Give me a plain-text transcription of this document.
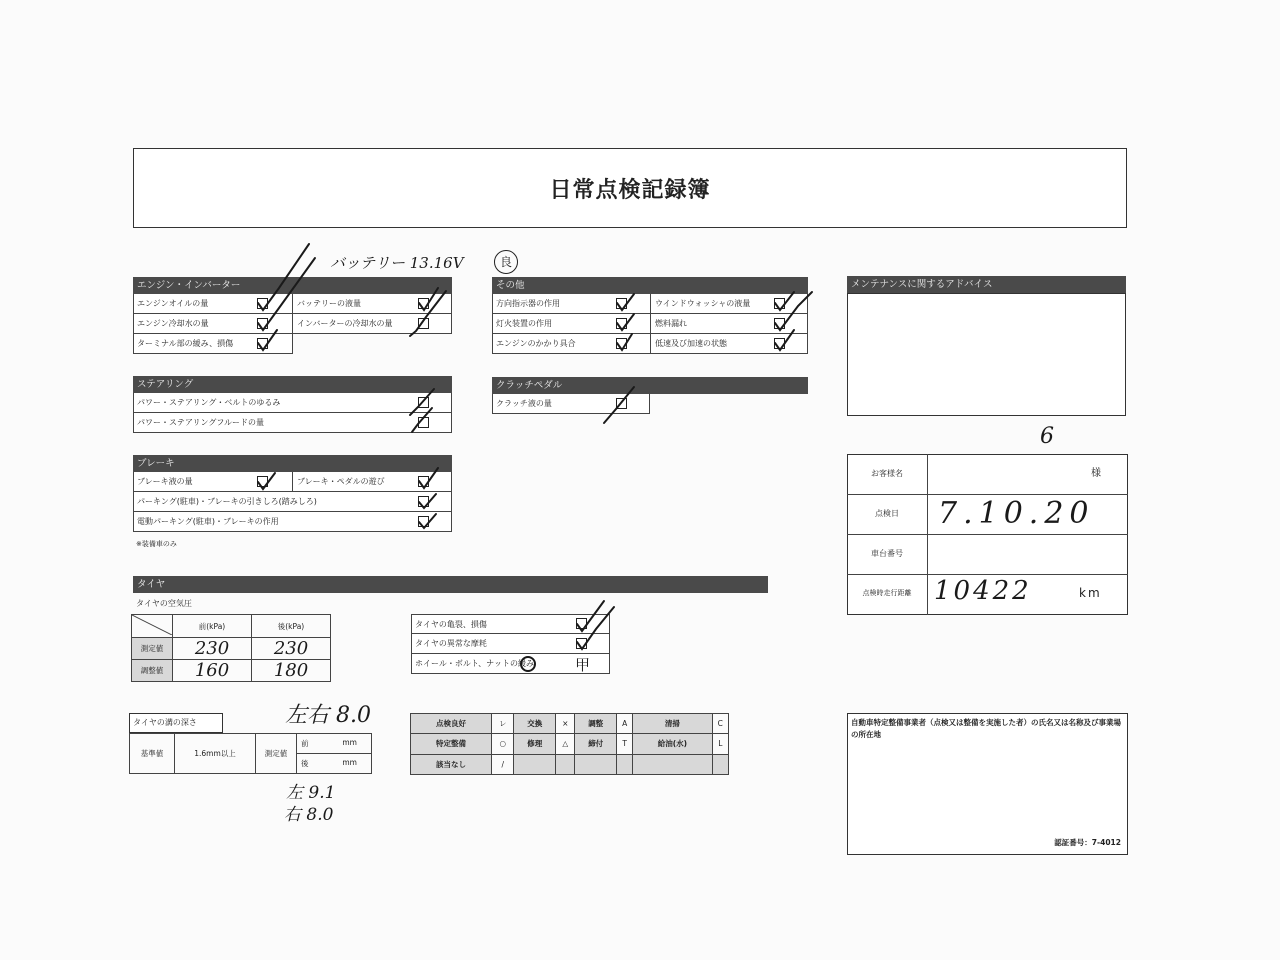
日常点検記録簿
バッテリー 13.16V	良
エンジン・インバーター
エンジンオイルの量	バッテリーの液量
エンジン冷却水の量	インバーターの冷却水の量
ターミナル部の緩み、損傷
その他
方向指示器の作用	ウインドウォッシャの液量
灯火装置の作用	燃料漏れ
エンジンのかかり具合	低速及び加速の状態
メンテナンスに関するアドバイス
ステアリング
パワー・ステアリング・ベルトのゆるみ
パワー・ステアリングフルードの量
クラッチペダル
クラッチ液の量
ブレーキ
ブレーキ液の量	ブレーキ・ペダルの遊び
パーキング(駐車)・ブレーキの引きしろ(踏みしろ)
電動パーキング(駐車)・ブレーキの作用
※装備車のみ
6
お客様名	様
点検日	7.10.20
車台番号
点検時走行距離 10422	km
タイヤ
タイヤの空気圧
	前(kPa)	後(kPa)
測定値	230	230
調整値	160	180
タイヤの亀裂、損傷
タイヤの異常な摩耗
ホイール・ボルト、ナットの緩み	甲
タイヤの溝の深さ	左右 8.0
基準値	1.6mm以上	測定値	前	mm

後	mm
左 9.1
右 8.0
点検良好	レ	交換	×	調整	A	清掃	C
特定整備	○	修理	△	締付	T	給油(水)	L
該当なし	/						
自動車特定整備事業者（点検又は整備を実施した者）の氏名又は名称及び事業場の所在地
認証番号：7-4012
